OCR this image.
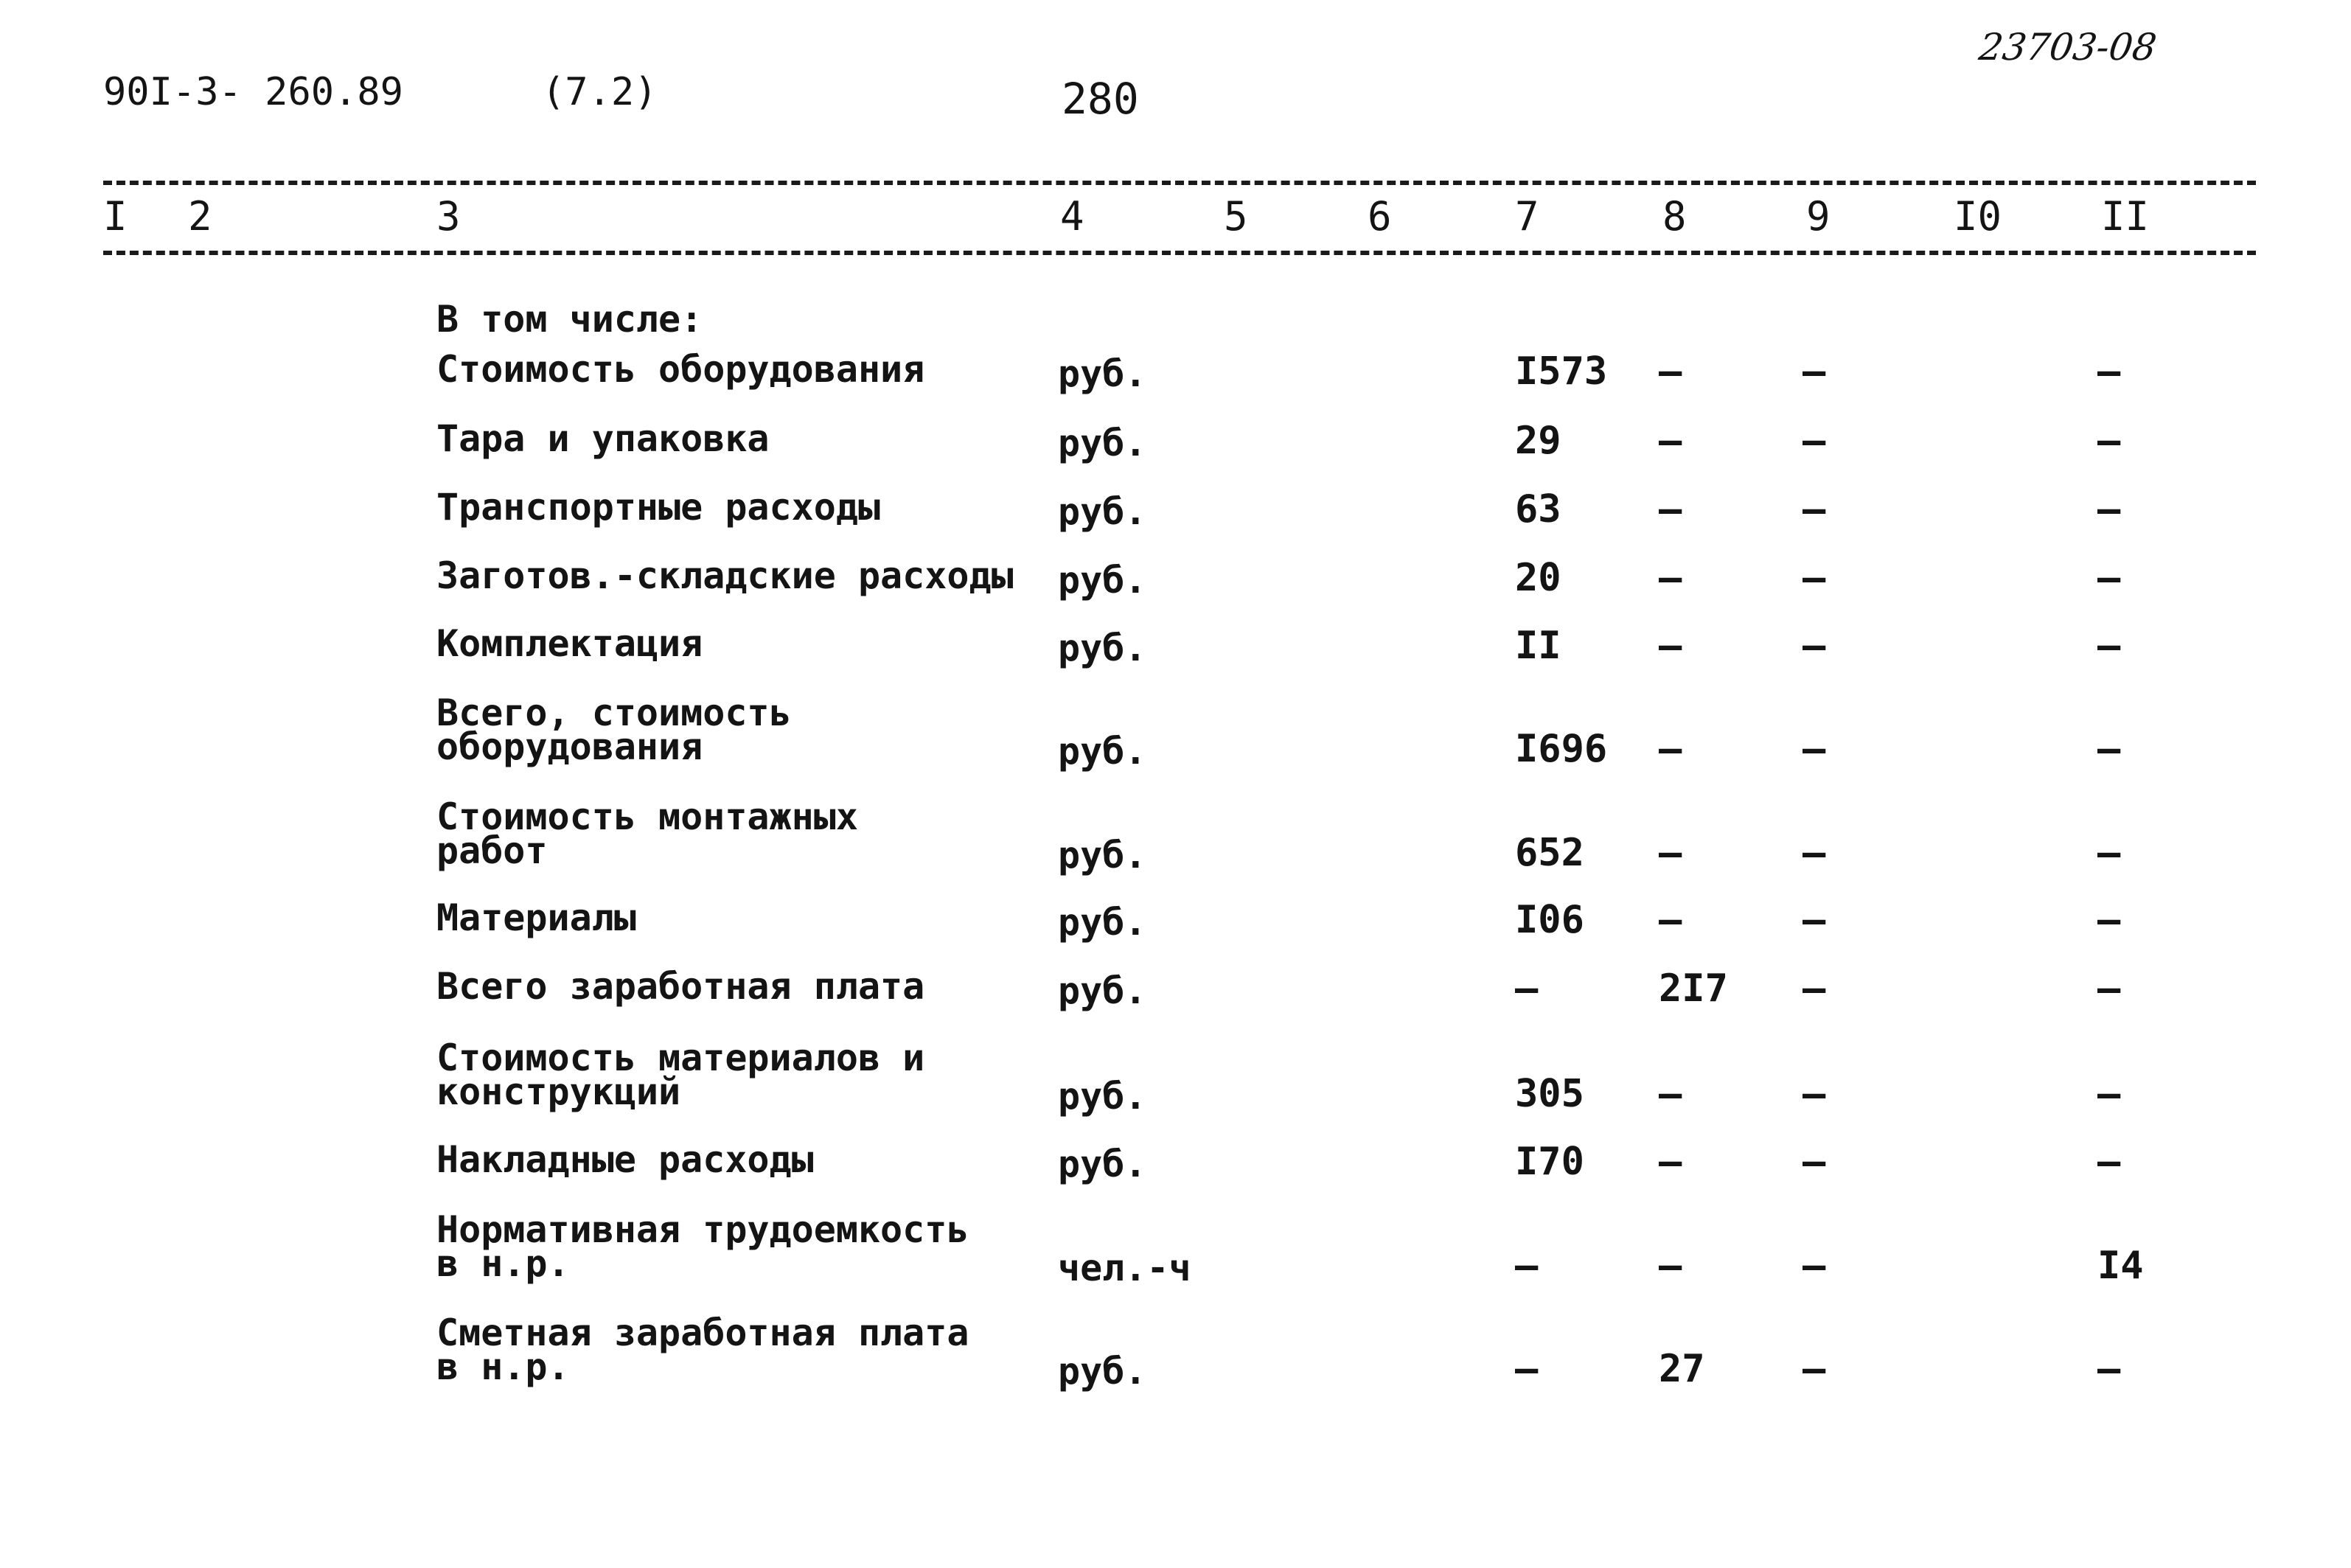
90I-3- 260.89	(7.2)	280
23703-08
I 2	3	4	5	6	7	8	9	I0 II
В том числе:
Стоимость оборудования	руб.	I573 –	–	–
Тара и упаковка	руб.	29	–	–	–
Транспортные расходы	руб.	63	–	–	–
Заготов.-складские расходы руб.	20	–	–	–
Комплектация	руб.	II	–	–	–
Всего, стоимость
оборудования	руб.	I696 –	–	–
Стоимость монтажных
работ	руб.	652 –	–	–
Материалы	руб.	I06 –	–	–
Всего заработная плата	руб.	–	2I7 –	–
Стоимость материалов и
конструкций	руб.	305 –	–	–
Накладные расходы	руб.	I70 –	–	–
Нормативная трудоемкость
в н.р.	чел.-ч	–	–	–	I4
Сметная заработная плата
в н.р.	руб.	–	27	–	–
